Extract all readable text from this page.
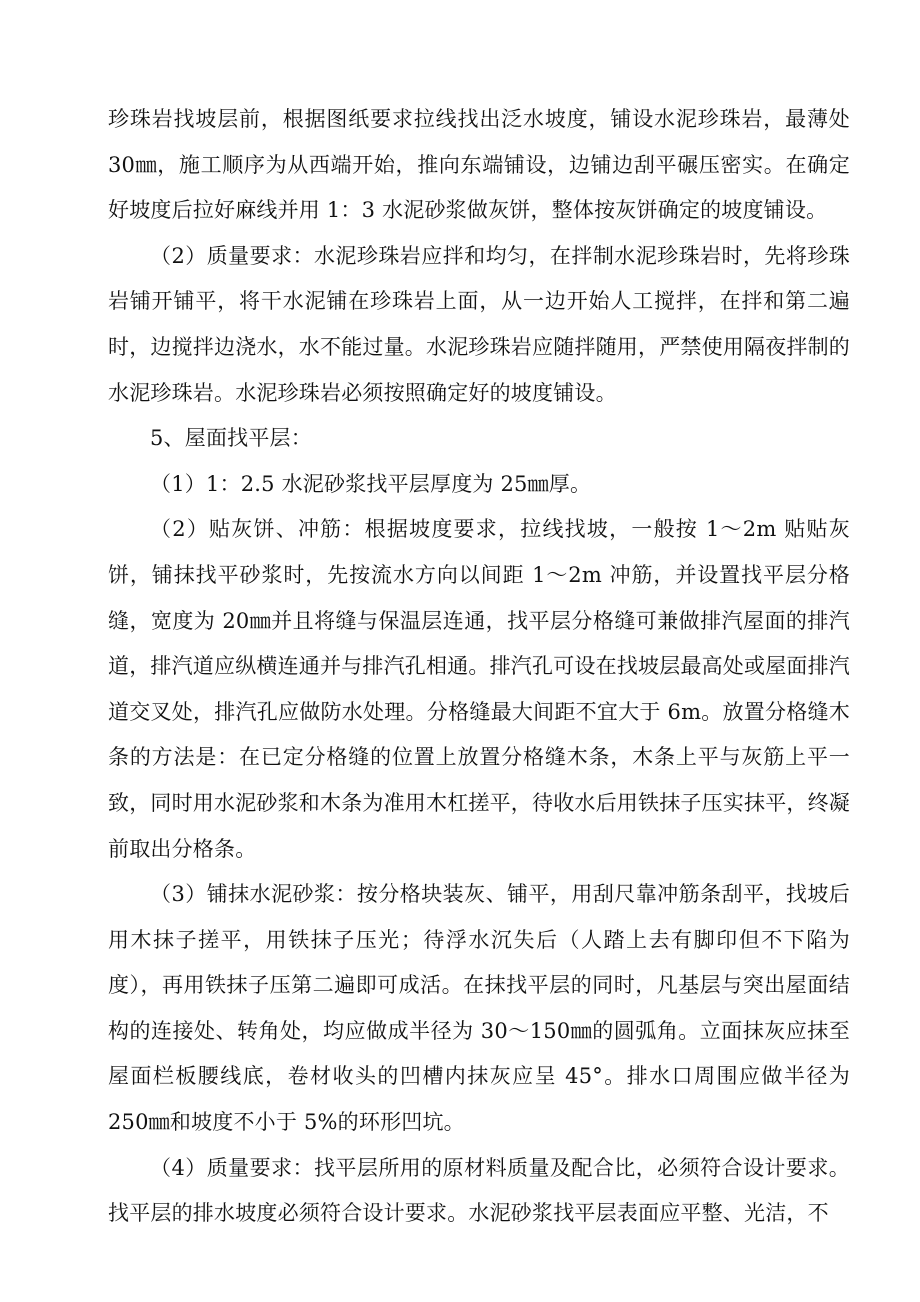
珍珠岩找坡层前，根据图纸要求拉线找出泛水坡度，铺设水泥珍珠岩，最薄处30㎜，施工顺序为从西端开始，推向东端铺设，边铺边刮平碾压密实。在确定好坡度后拉好麻线并用 1：3 水泥砂浆做灰饼，整体按灰饼确定的坡度铺设。

（2）质量要求：水泥珍珠岩应拌和均匀，在拌制水泥珍珠岩时，先将珍珠岩铺开铺平，将干水泥铺在珍珠岩上面，从一边开始人工搅拌，在拌和第二遍时，边搅拌边浇水，水不能过量。水泥珍珠岩应随拌随用，严禁使用隔夜拌制的水泥珍珠岩。水泥珍珠岩必须按照确定好的坡度铺设。

5、屋面找平层：

（1）1：2.5 水泥砂浆找平层厚度为 25㎜厚。

（2）贴灰饼、冲筋：根据坡度要求，拉线找坡，一般按 1～2m 贴贴灰饼，铺抹找平砂浆时，先按流水方向以间距 1～2m 冲筋，并设置找平层分格缝，宽度为 20㎜并且将缝与保温层连通，找平层分格缝可兼做排汽屋面的排汽道，排汽道应纵横连通并与排汽孔相通。排汽孔可设在找坡层最高处或屋面排汽道交叉处，排汽孔应做防水处理。分格缝最大间距不宜大于 6m。放置分格缝木条的方法是：在已定分格缝的位置上放置分格缝木条，木条上平与灰筋上平一致，同时用水泥砂浆和木条为准用木杠搓平，待收水后用铁抹子压实抹平，终凝前取出分格条。

（3）铺抹水泥砂浆：按分格块装灰、铺平，用刮尺靠冲筋条刮平，找坡后用木抹子搓平，用铁抹子压光；待浮水沉失后（人踏上去有脚印但不下陷为度），再用铁抹子压第二遍即可成活。在抹找平层的同时，凡基层与突出屋面结构的连接处、转角处，均应做成半径为 30～150㎜的圆弧角。立面抹灰应抹至屋面栏板腰线底，卷材收头的凹槽内抹灰应呈 45°。排水口周围应做半径为 250㎜和坡度不小于 5%的环形凹坑。

（4）质量要求：找平层所用的原材料质量及配合比，必须符合设计要求。找平层的排水坡度必须符合设计要求。水泥砂浆找平层表面应平整、光洁，不
